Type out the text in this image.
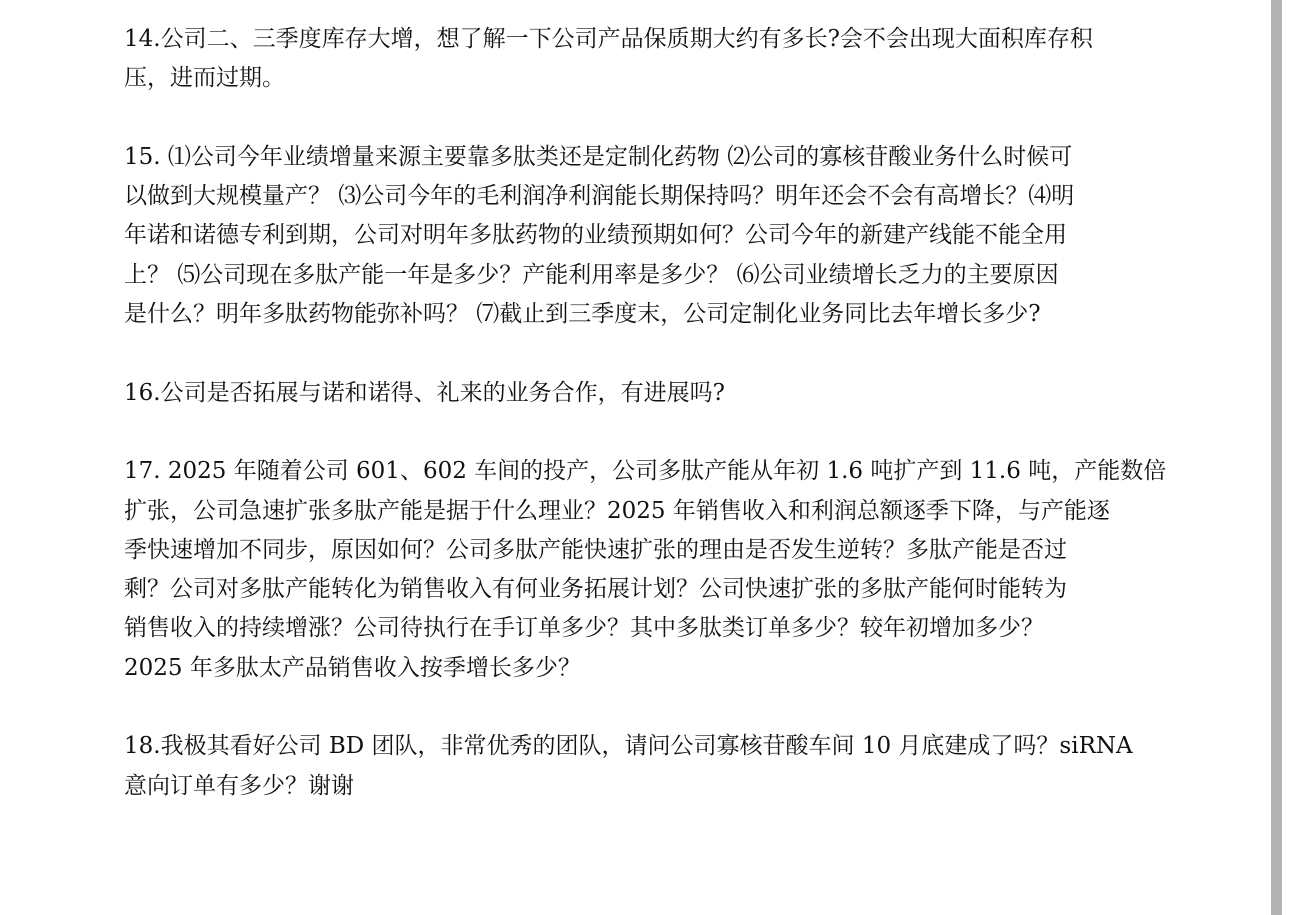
14.公司二、三季度库存大增，想了解一下公司产品保质期大约有多长?会不会出现大面积库存积
压，进而过期。
15. ⑴公司今年业绩增量来源主要靠多肽类还是定制化药物 ⑵公司的寡核苷酸业务什么时候可
以做到大规模量产？ ⑶公司今年的毛利润净利润能长期保持吗？明年还会不会有高增长？⑷明
年诺和诺德专利到期，公司对明年多肽药物的业绩预期如何？公司今年的新建产线能不能全用
上？ ⑸公司现在多肽产能一年是多少？产能利用率是多少？ ⑹公司业绩增长乏力的主要原因
是什么？明年多肽药物能弥补吗？ ⑺截止到三季度末，公司定制化业务同比去年增长多少?
16.公司是否拓展与诺和诺得、礼来的业务合作，有进展吗?
17. 2025 年随着公司 601、602 车间的投产，公司多肽产能从年初 1.6 吨扩产到 11.6 吨，产能数倍
扩张，公司急速扩张多肽产能是据于什么理业？2025 年销售收入和利润总额逐季下降，与产能逐
季快速增加不同步，原因如何？公司多肽产能快速扩张的理由是否发生逆转？多肽产能是否过
剩？公司对多肽产能转化为销售收入有何业务拓展计划？公司快速扩张的多肽产能何时能转为
销售收入的持续增涨？公司待执行在手订单多少？其中多肽类订单多少？较年初增加多少？
2025 年多肽太产品销售收入按季增长多少？
18.我极其看好公司 BD 团队，非常优秀的团队，请问公司寡核苷酸车间 10 月底建成了吗？siRNA
意向订单有多少？谢谢
